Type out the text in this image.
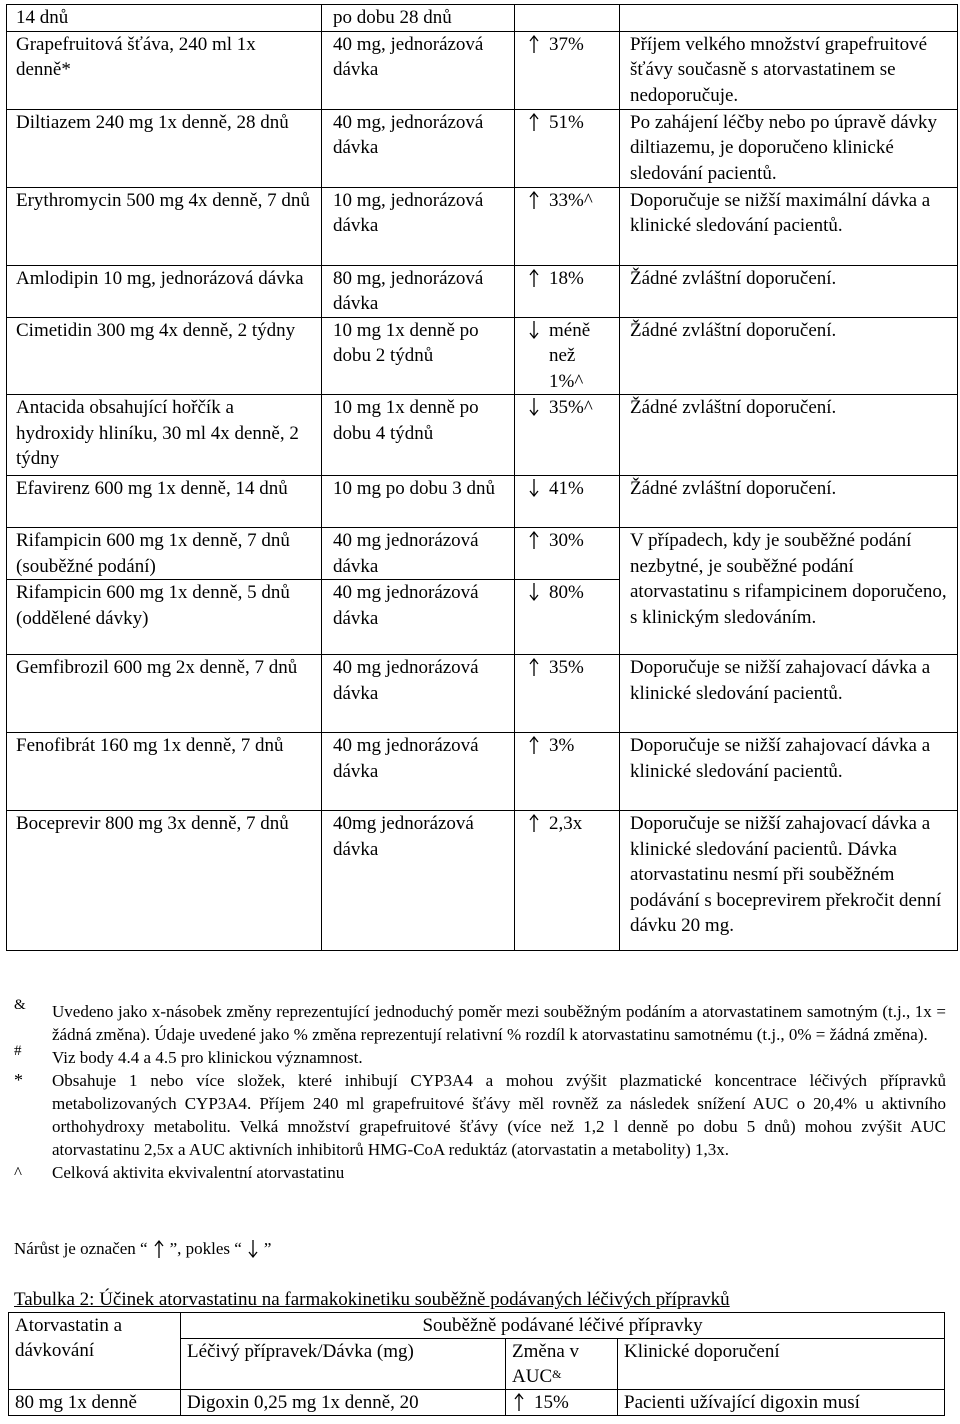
14 dnů	po dobu 28 dnů		
Grapefruitová šťáva, 240 ml 1x denně*	40 mg, jednorázová dávka	37%	Příjem velkého množství grapefruitové šťávy současně s atorvastatinem se nedoporučuje.
Diltiazem 240 mg 1x denně, 28 dnů	40 mg, jednorázová dávka	51%	Po zahájení léčby nebo po úpravě dávky diltiazemu, je doporučeno klinické sledování pacientů.
Erythromycin 500 mg 4x denně, 7 dnů	10 mg, jednorázová dávka	33%^	Doporučuje se nižší maximální dávka a klinické sledování pacientů.
Amlodipin 10 mg, jednorázová dávka	80 mg, jednorázová dávka	18%	Žádné zvláštní doporučení.
Cimetidin 300 mg 4x denně, 2 týdny	10 mg 1x denně po dobu 2 týdnů	méně než 1%^	Žádné zvláštní doporučení.
Antacida obsahující hořčík a hydroxidy hliníku, 30 ml 4x denně, 2 týdny	10 mg 1x denně po dobu 4 týdnů	35%^	Žádné zvláštní doporučení.
Efavirenz 600 mg 1x denně, 14 dnů	10 mg po dobu 3 dnů	41%	Žádné zvláštní doporučení.
Rifampicin 600 mg 1x denně, 7 dnů (souběžné podání)	40 mg jednorázová dávka	30%	V případech, kdy je souběžné podání nezbytné, je souběžné podání atorvastatinu s rifampicinem doporučeno, s klinickým sledováním.
Rifampicin 600 mg 1x denně, 5 dnů (oddělené dávky)	40 mg jednorázová dávka	80%	

Gemfibrozil 600 mg 2x denně, 7 dnů	40 mg jednorázová dávka	35%	Doporučuje se nižší zahajovací dávka a klinické sledování pacientů.
Fenofibrát 160 mg 1x denně, 7 dnů	40 mg jednorázová dávka	3%	Doporučuje se nižší zahajovací dávka a klinické sledování pacientů.
Boceprevir 800 mg 3x denně, 7 dnů	40mg jednorázová dávka	2,3x	Doporučuje se nižší zahajovací dávka a klinické sledování pacientů. Dávka atorvastatinu nesmí při souběžném podávání s boceprevirem překročit denní dávku 20 mg.
&	Uvedeno jako x-násobek změny reprezentující jednoduchý poměr mezi souběžným podáním a atorvastatinem samotným (t.j., 1x = žádná změna). Údaje uvedené jako % změna reprezentují relativní % rozdíl k atorvastatinu samotnému (t.j., 0% = žádná změna).
#	Viz body 4.4 a 4.5 pro klinickou významnost.
*	Obsahuje 1 nebo více složek, které inhibují CYP3A4 a mohou zvýšit plazmatické koncentrace léčivých přípravků metabolizovaných CYP3A4. Příjem 240 ml grapefruitové šťávy měl rovněž za následek snížení AUC o 20,4% u aktivního orthohydroxy metabolitu. Velká množství grapefruitové šťávy (více než 1,2 l denně po dobu 5 dnů) mohou zvýšit AUC atorvastatinu 2,5x a AUC aktivních inhibitorů HMG-CoA reduktáz (atorvastatin a metabolity) 1,3x.
^	Celková aktivita ekvivalentní atorvastatinu
Nárůst je označen “ ”, pokles “ ”
Tabulka 2: Účinek atorvastatinu na farmakokinetiku souběžně podávaných léčivých přípravků
Atorvastatin a dávkování	Souběžně podávané léčivé přípravky		
	Léčivý přípravek/Dávka (mg)	Změna v AUC&	Klinické doporučení
80 mg 1x denně	Digoxin 0,25 mg 1x denně, 20	15%	Pacienti užívající digoxin musí
